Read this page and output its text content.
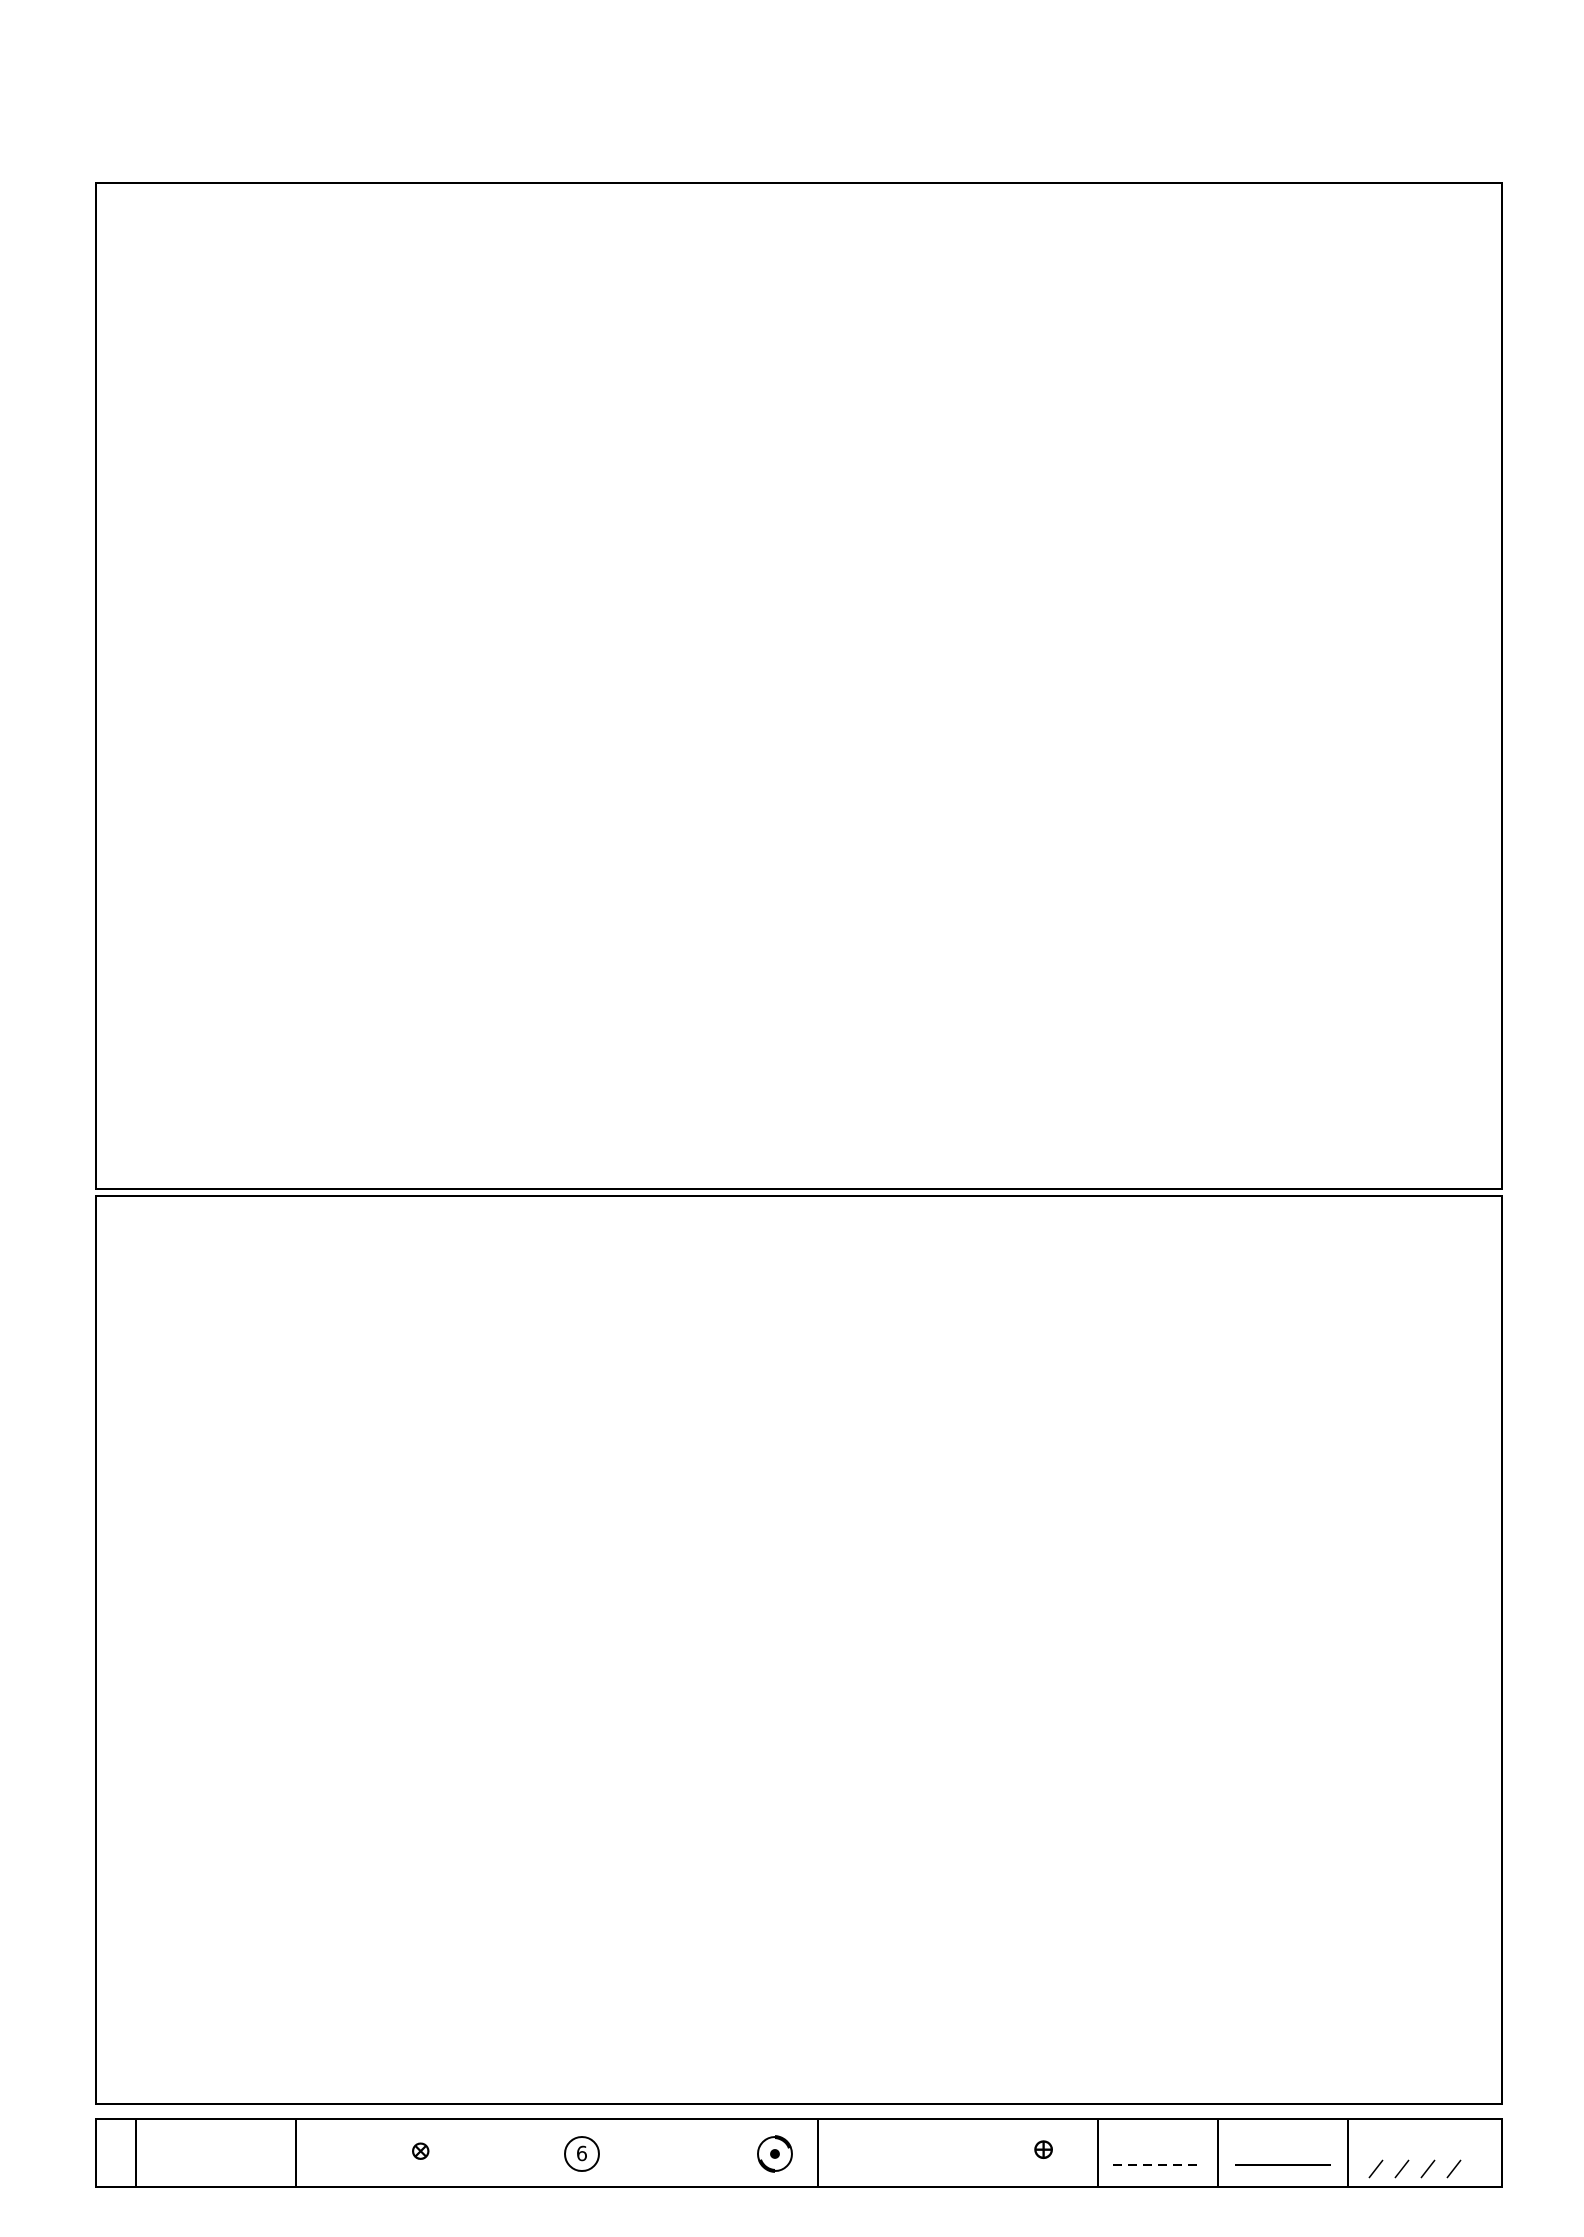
⊗	6	⊕
